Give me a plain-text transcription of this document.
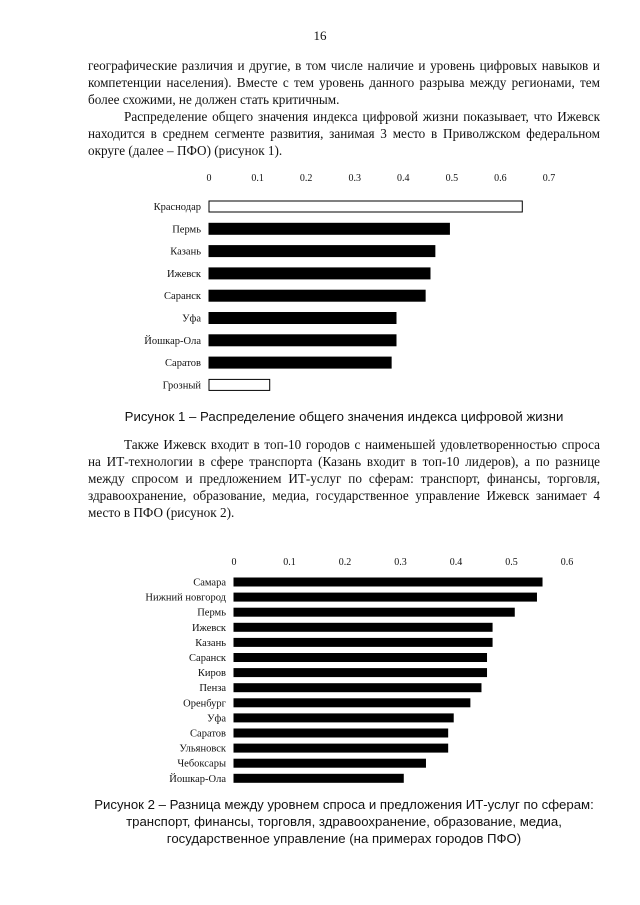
16

географические различия и другие, в том числе наличие и уровень цифровых навыков и компетенции населения). Вместе с тем уровень данного разрыва между регионами, тем более схожими, не должен стать критичным.

Распределение общего значения индекса цифровой жизни показывает, что Ижевск находится в среднем сегменте развития, занимая 3 место в Приволжском федеральном округе (далее – ПФО) (рисунок 1).

0	0.1	0.2	0.3	0.4	0.5	0.6	0.7
Краснодар
Пермь
Казань
Ижевск
Саранск
Уфа
Йошкар-Ола
Саратов
Грозный

Рисунок 1 – Распределение общего значения индекса цифровой жизни

Также Ижевск входит в топ-10 городов с наименьшей удовлетворенностью спроса на ИТ-технологии в сфере транспорта (Казань входит в топ-10 лидеров), а по разнице между спросом и предложением ИТ-услуг по сферам: транспорт, финансы, торговля, здравоохранение, образование, медиа, государственное управление Ижевск занимает 4 место в ПФО (рисунок 2).

0	0.1	0.2	0.3	0.4	0.5	0.6
Самара
Нижний новгород
Пермь
Ижевск
Казань
Саранск
Киров
Пенза
Оренбург
Уфа
Саратов
Ульяновск
Чебоксары
Йошкар-Ола

Рисунок 2 – Разница между уровнем спроса и предложения ИТ-услуг по сферам: транспорт, финансы, торговля, здравоохранение, образование, медиа, государственное управление (на примерах городов ПФО)
